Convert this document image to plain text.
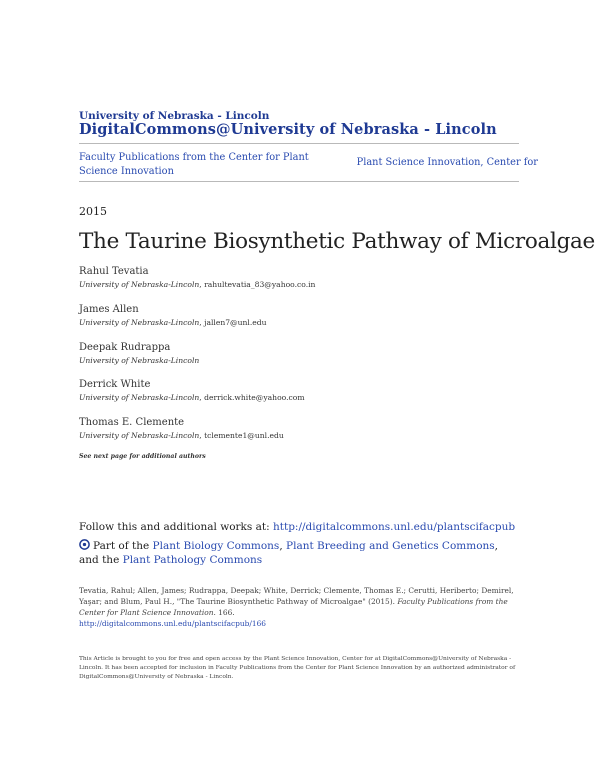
University of Nebraska - Lincoln
DigitalCommons@University of Nebraska - Lincoln
Faculty Publications from the Center for Plant Science Innovation
Plant Science Innovation, Center for
2015
The Taurine Biosynthetic Pathway of Microalgae
Rahul Tevatia
University of Nebraska-Lincoln, rahultevatia_83@yahoo.co.in
James Allen
University of Nebraska-Lincoln, jallen7@unl.edu
Deepak Rudrappa
University of Nebraska-Lincoln
Derrick White
University of Nebraska-Lincoln, derrick.white@yahoo.com
Thomas E. Clemente
University of Nebraska-Lincoln, tclemente1@unl.edu
See next page for additional authors
Follow this and additional works at: http://digitalcommons.unl.edu/plantscifacpub
Part of the Plant Biology Commons, Plant Breeding and Genetics Commons, and the Plant Pathology Commons
Tevatia, Rahul; Allen, James; Rudrappa, Deepak; White, Derrick; Clemente, Thomas E.; Cerutti, Heriberto; Demirel, Yaşar; and Blum, Paul H., "The Taurine Biosynthetic Pathway of Microalgae" (2015). Faculty Publications from the Center for Plant Science Innovation. 166.
http://digitalcommons.unl.edu/plantscifacpub/166
This Article is brought to you for free and open access by the Plant Science Innovation, Center for at DigitalCommons@University of Nebraska - Lincoln. It has been accepted for inclusion in Faculty Publications from the Center for Plant Science Innovation by an authorized administrator of DigitalCommons@University of Nebraska - Lincoln.
